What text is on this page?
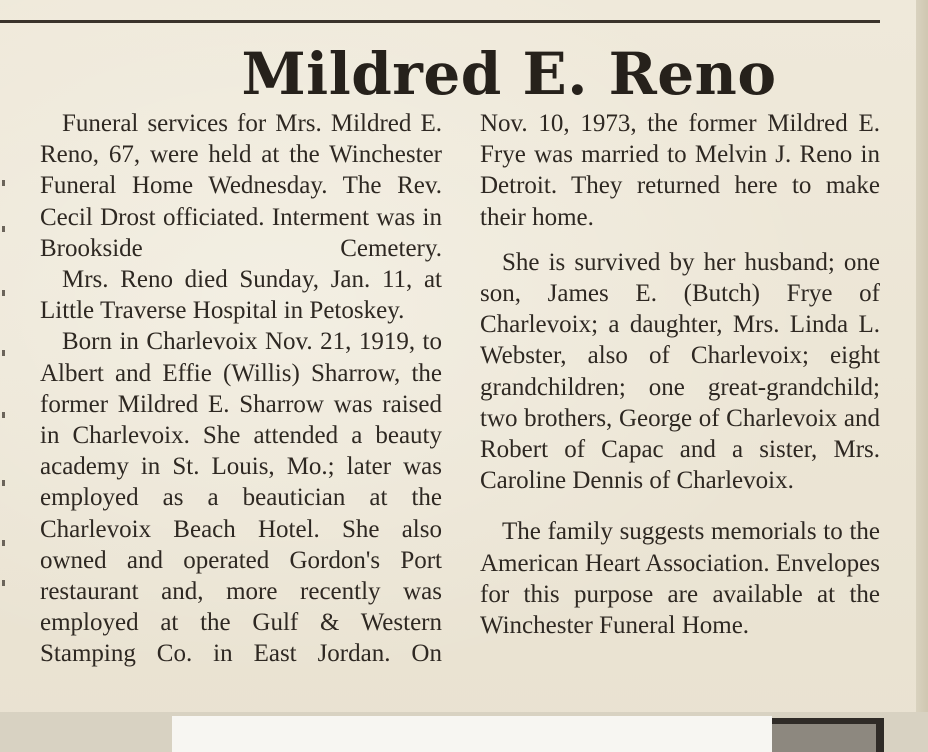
Mildred E. Reno

Funeral services for Mrs. Mildred E. Reno, 67, were held at the Winchester Funeral Home Wednesday. The Rev. Cecil Drost officiated. Interment was in Brookside Cemetery.

Mrs. Reno died Sunday, Jan. 11, at Little Traverse Hospital in Petoskey.

Born in Charlevoix Nov. 21, 1919, to Albert and Effie (Willis) Sharrow, the former Mildred E. Sharrow was raised in Charlevoix. She attended a beauty academy in St. Louis, Mo.; later was employed as a beautician at the Charlevoix Beach Hotel. She also owned and operated Gordon's Port restaurant and, more recently was employed at the Gulf & Western Stamping Co. in East Jordan. On

Nov. 10, 1973, the former Mildred E. Frye was married to Melvin J. Reno in Detroit. They returned here to make their home.

She is survived by her husband; one son, James E. (Butch) Frye of Charlevoix; a daughter, Mrs. Linda L. Webster, also of Charlevoix; eight grandchildren; one great-grandchild; two brothers, George of Charlevoix and Robert of Capac and a sister, Mrs. Caroline Dennis of Charlevoix.

The family suggests memorials to the American Heart Association. Envelopes for this purpose are available at the Winchester Funeral Home.
